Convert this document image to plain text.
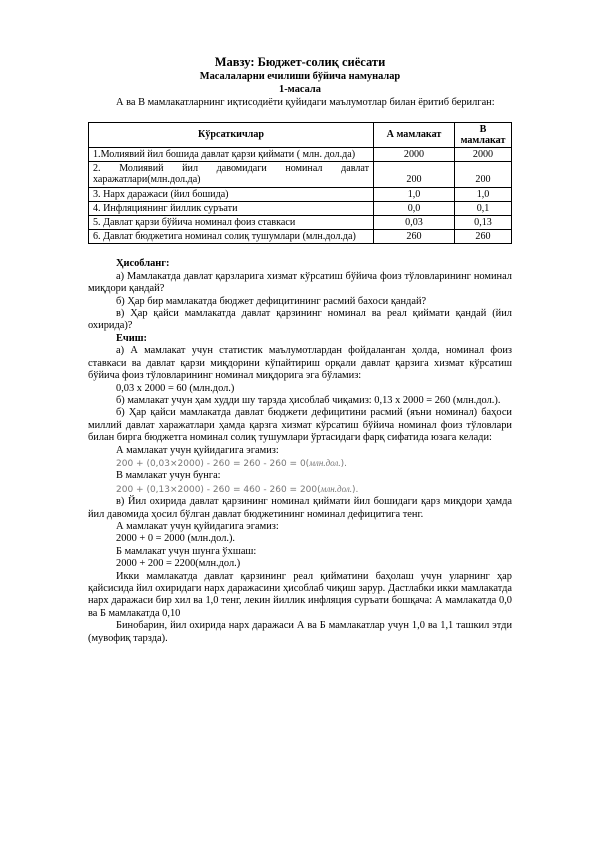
Мавзу: Бюджет-солиқ сиёсати
Масалаларни ечилиши бўйича намуналар
1-масала

А ва В мамлакатларнинг иқтисодиёти қуйидаги маълумотлар билан ёритиб берилган:

Кўрсаткичлар	А мамлакат	В мамлакат
1.Молиявий йил бошида давлат қарзи қиймати ( млн. дол.да)	2000	2000
2. Молиявий йил давомидаги номинал давлат харажатлари(млн.дол.да)	200	200
3. Нарх даражаси (йил бошида)	1,0	1,0
4. Инфляциянинг йиллик суръати	0,0	0,1
5. Давлат қарзи бўйича номинал фоиз ставкаси	0,03	0,13
6. Давлат бюджетига номинал солиқ тушумлари (млн.дол.да)	260	260

Ҳисобланг:

а) Мамлакатда давлат қарзларига хизмат кўрсатиш бўйича фоиз тўловларининг номинал миқдори қандай?

б) Ҳар бир мамлакатда бюджет дефицитининг расмий бахоси қандай?

в) Ҳар қайси мамлакатда давлат қарзининг номинал ва реал қиймати қандай (йил охирида)?

Ечиш:

а) А мамлакат учун статистик маълумотлардан фойдаланган ҳолда, номинал фоиз ставкаси ва давлат қарзи миқдорини кўпайтириш орқали давлат қарзига хизмат кўрсатиш бўйича фоиз тўловларининг номинал миқдорига эга бўламиз:

0,03 х 2000 = 60 (млн.дол.)

б) мамлакат учун ҳам худди шу тарзда ҳисоблаб чиқамиз: 0,13 х 2000 = 260 (млн.дол.).

б) Ҳар қайси мамлакатда давлат бюджети дефицитини расмий (яъни номинал) баҳоси миллий давлат харажатлари ҳамда қарзга хизмат кўрсатиш бўйича номинал фоиз тўловлари билан бирга бюджетга номинал солиқ тушумлари ўртасидаги фарқ сифатида юзага келади:

А мамлакат учун қуйидагига эгамиз:

200 + (0,03×2000) - 260 = 260 - 260 = 0(млн.дол.).

В мамлакат учун бунга:

200 + (0,13×2000) - 260 = 460 - 260 = 200(млн.дол.).

в) Йил охирида давлат қарзининг номинал қиймати йил бошидаги қарз миқдори ҳамда йил давомида ҳосил бўлган давлат бюджетининг номинал дефицитига тенг.

А мамлакат учун қуйидагига эгамиз:

2000 + 0 = 2000 (млн.дол.).

Б мамлакат учун шунга ўхшаш:

2000 + 200 = 2200(млн.дол.)

Икки мамлакатда давлат қарзининг реал қийматини баҳолаш учун уларнинг ҳар қайсисида йил охиридаги нарх даражасини ҳисоблаб чиқиш зарур. Дастлабки икки мамлакатда нарх даражаси бир хил ва 1,0 тенг, лекин йиллик инфляция суръати бошқача: А мамлакатда 0,0 ва Б мамлакатда 0,10

Бинобарин, йил охирида нарх даражаси А ва Б мамлакатлар учун 1,0 ва 1,1 ташкил этди (мувофиқ тарзда).
